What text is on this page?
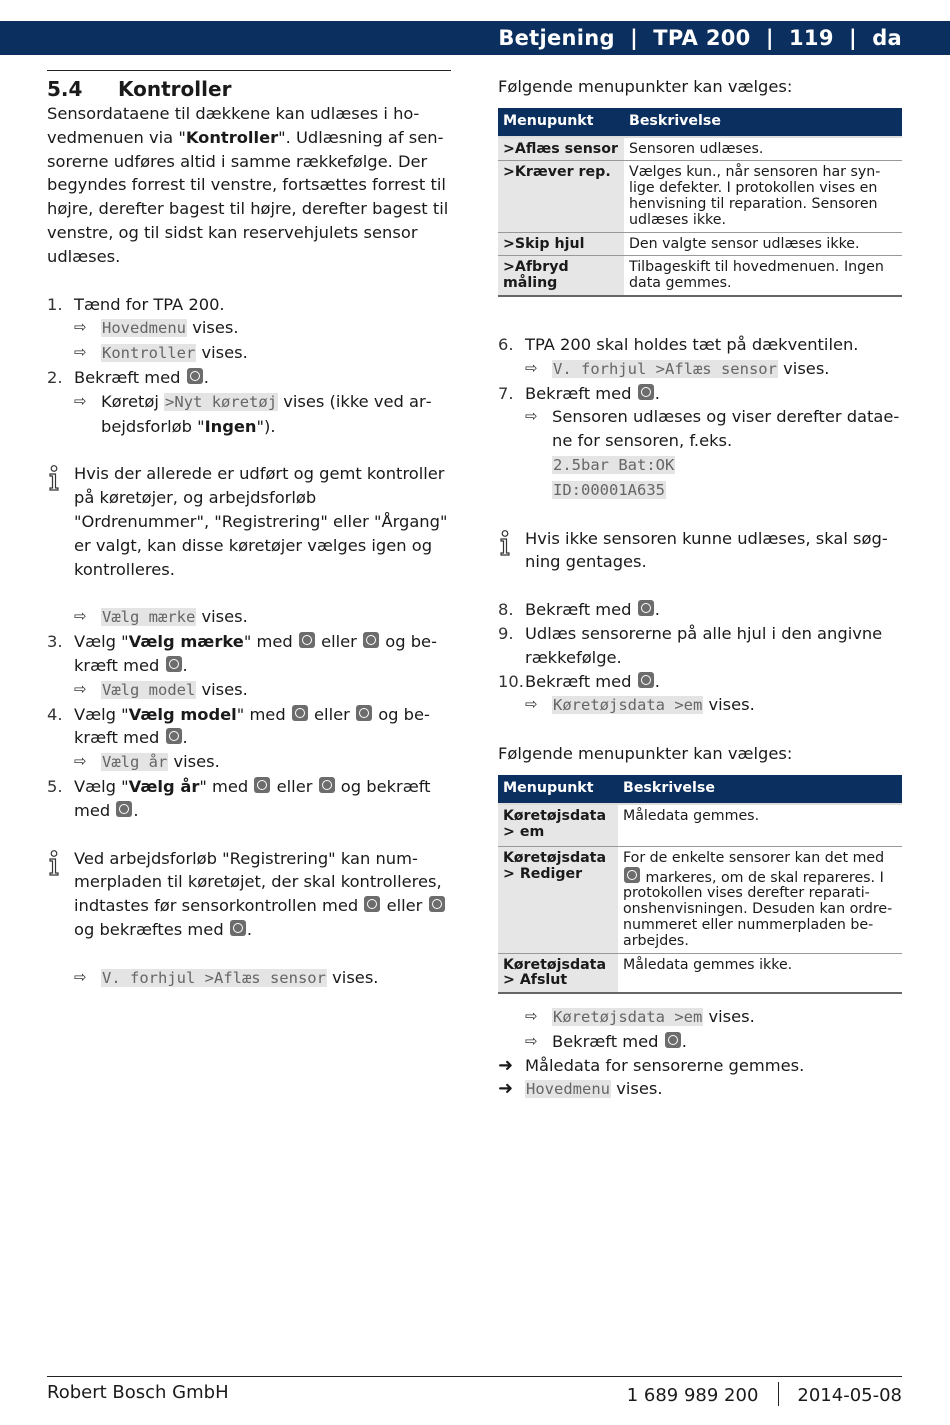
Betjening  |  TPA 200  |  119  |  da
5.4 Kontroller

Sensordataene til dækkene kan udlæses i hovedmenuen via "Kontroller". Udlæsning af sensorerne udføres altid i samme rækkefølge. Der begyndes forrest til venstre, fortsættes forrest til højre, derefter bagest til højre, derefter bagest til venstre, og til sidst kan reservehjulets sensor udlæses.

1. Tænd for TPA 200.
⇨ Hovedmenu vises.
⇨ Kontroller vises.
2. Bekræft med .
⇨ Køretøj >Nyt køretøj vises (ikke ved arbejdsforløb "Ingen").
Hvis der allerede er udført og gemt kontroller på køretøjer, og arbejdsforløb "Ordrenummer", "Registrering" eller "Årgang" er valgt, kan disse køretøjer vælges igen og kontrolleres.
⇨ Vælg mærke vises.
3. Vælg "Vælg mærke" med eller og bekræft med .
⇨ Vælg model vises.
4. Vælg "Vælg model" med eller og bekræft med .
⇨ Vælg år vises.
5. Vælg "Vælg år" med eller og bekræft med .
Ved arbejdsforløb "Registrering" kan nummerpladen til køretøjet, der skal kontrolleres, indtastes før sensorkontrollen med eller  og bekræftes med .
⇨ V. forhjul >Aflæs sensor vises.

Følgende menupunkter kan vælges:

Menupunkt	Beskrivelse
>Aflæs sensor	Sensoren udlæses.
>Kræver rep.	Vælges kun., når sensoren har synlige defekter. I protokollen vises en henvisning til reparation. Sensoren udlæses ikke.
>Skip hjul	Den valgte sensor udlæses ikke.
>Afbryd måling	Tilbageskift til hovedmenuen. Ingen data gemmes.
6. TPA 200 skal holdes tæt på dækventilen.
⇨ V. forhjul >Aflæs sensor vises.
7. Bekræft med .
⇨ Sensoren udlæses og viser derefter dataene for sensoren, f.eks.
2.5bar Bat:OK
ID:00001A635
Hvis ikke sensoren kunne udlæses, skal søgning gentages.
8. Bekræft med .
9. Udlæs sensorerne på alle hjul i den angivne rækkefølge.
10. Bekræft med .
⇨ Køretøjsdata >em vises.

Følgende menupunkter kan vælges:

Menupunkt	Beskrivelse
Køretøjsdata > em	Måledata gemmes.
Køretøjsdata > Rediger	For de enkelte sensorer kan det med  markeres, om de skal repareres. I protokollen vises derefter reparationshenvisningen. Desuden kan ordrenummeret eller nummerpladen bearbejdes.
Køretøjsdata > Afslut	Måledata gemmes ikke.
⇨ Køretøjsdata >em vises.
⇨ Bekræft med .
➜ Måledata for sensorerne gemmes.
➜ Hovedmenu vises.
Robert Bosch GmbH	1 689 989 200 2014-05-08
